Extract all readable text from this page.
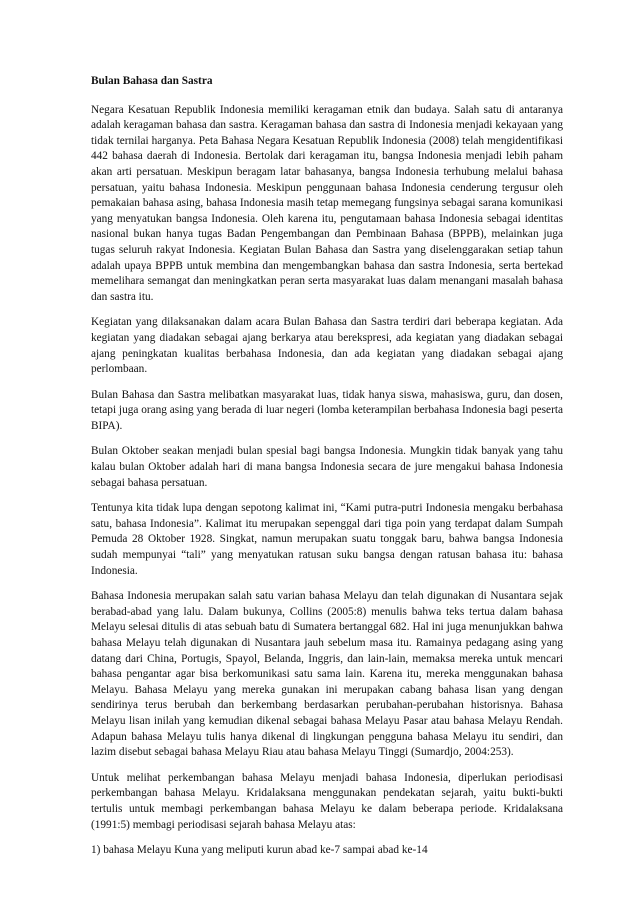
Bulan Bahasa dan Sastra

Negara Kesatuan Republik Indonesia memiliki keragaman etnik dan budaya. Salah satu di antaranya adalah keragaman bahasa dan sastra. Keragaman bahasa dan sastra di Indonesia menjadi kekayaan yang tidak ternilai harganya. Peta Bahasa Negara Kesatuan Republik Indonesia (2008) telah mengidentifikasi 442 bahasa daerah di Indonesia. Bertolak dari keragaman itu, bangsa Indonesia menjadi lebih paham akan arti persatuan. Meskipun beragam latar bahasanya, bangsa Indonesia terhubung melalui bahasa persatuan, yaitu bahasa Indonesia. Meskipun penggunaan bahasa Indonesia cenderung tergusur oleh pemakaian bahasa asing, bahasa Indonesia masih tetap memegang fungsinya sebagai sarana komunikasi yang menyatukan bangsa Indonesia. Oleh karena itu, pengutamaan bahasa Indonesia sebagai identitas nasional bukan hanya tugas Badan Pengembangan dan Pembinaan Bahasa (BPPB), melainkan juga tugas seluruh rakyat Indonesia. Kegiatan Bulan Bahasa dan Sastra yang diselenggarakan setiap tahun adalah upaya BPPB untuk membina dan mengembangkan bahasa dan sastra Indonesia, serta bertekad memelihara semangat dan meningkatkan peran serta masyarakat luas dalam menangani masalah bahasa dan sastra itu.

Kegiatan yang dilaksanakan dalam acara Bulan Bahasa dan Sastra terdiri dari beberapa kegiatan. Ada kegiatan yang diadakan sebagai ajang berkarya atau berekspresi, ada kegiatan yang diadakan sebagai ajang peningkatan kualitas berbahasa Indonesia, dan ada kegiatan yang diadakan sebagai ajang perlombaan.

Bulan Bahasa dan Sastra melibatkan masyarakat luas, tidak hanya siswa, mahasiswa, guru, dan dosen, tetapi juga orang asing yang berada di luar negeri (lomba keterampilan berbahasa Indonesia bagi peserta BIPA).

Bulan Oktober seakan menjadi bulan spesial bagi bangsa Indonesia. Mungkin tidak banyak yang tahu kalau bulan Oktober adalah hari di mana bangsa Indonesia secara de jure mengakui bahasa Indonesia sebagai bahasa persatuan.

Tentunya kita tidak lupa dengan sepotong kalimat ini, “Kami putra-putri Indonesia mengaku berbahasa satu, bahasa Indonesia”. Kalimat itu merupakan sepenggal dari tiga poin yang terdapat dalam Sumpah Pemuda 28 Oktober 1928. Singkat, namun merupakan suatu tonggak baru, bahwa bangsa Indonesia sudah mempunyai “tali” yang menyatukan ratusan suku bangsa dengan ratusan bahasa itu: bahasa Indonesia.

Bahasa Indonesia merupakan salah satu varian bahasa Melayu dan telah digunakan di Nusantara sejak berabad-abad yang lalu. Dalam bukunya, Collins (2005:8) menulis bahwa teks tertua dalam bahasa Melayu selesai ditulis di atas sebuah batu di Sumatera bertanggal 682. Hal ini juga menunjukkan bahwa bahasa Melayu telah digunakan di Nusantara jauh sebelum masa itu. Ramainya pedagang asing yang datang dari China, Portugis, Spayol, Belanda, Inggris, dan lain-lain, memaksa mereka untuk mencari bahasa pengantar agar bisa berkomunikasi satu sama lain. Karena itu, mereka menggunakan bahasa Melayu. Bahasa Melayu yang mereka gunakan ini merupakan cabang bahasa lisan yang dengan sendirinya terus berubah dan berkembang berdasarkan perubahan-perubahan historisnya. Bahasa Melayu lisan inilah yang kemudian dikenal sebagai bahasa Melayu Pasar atau bahasa Melayu Rendah. Adapun bahasa Melayu tulis hanya dikenal di lingkungan pengguna bahasa Melayu itu sendiri, dan lazim disebut sebagai bahasa Melayu Riau atau bahasa Melayu Tinggi (Sumardjo, 2004:253).

Untuk melihat perkembangan bahasa Melayu menjadi bahasa Indonesia, diperlukan periodisasi perkembangan bahasa Melayu. Kridalaksana menggunakan pendekatan sejarah, yaitu bukti-bukti tertulis untuk membagi perkembangan bahasa Melayu ke dalam beberapa periode. Kridalaksana (1991:5) membagi periodisasi sejarah bahasa Melayu atas:

1) bahasa Melayu Kuna yang meliputi kurun abad ke-7 sampai abad ke-14
